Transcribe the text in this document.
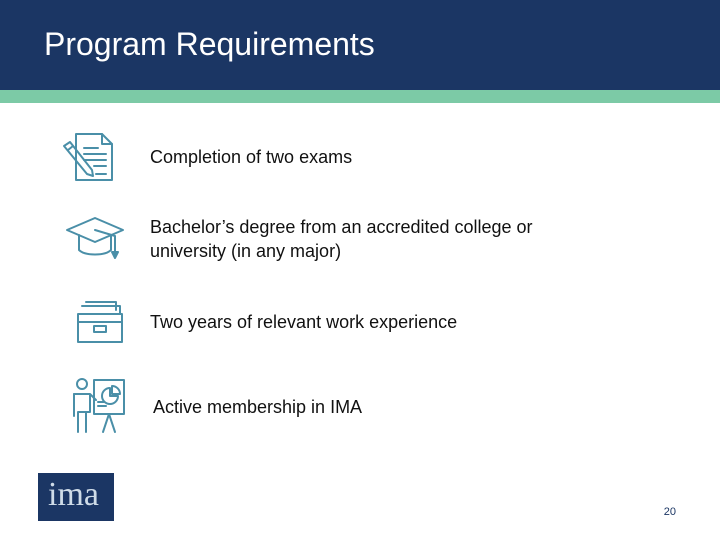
Program Requirements
Completion of two exams
Bachelor’s degree from an accredited college or university (in any major)
Two years of relevant work experience
Active membership in IMA
ima	20
